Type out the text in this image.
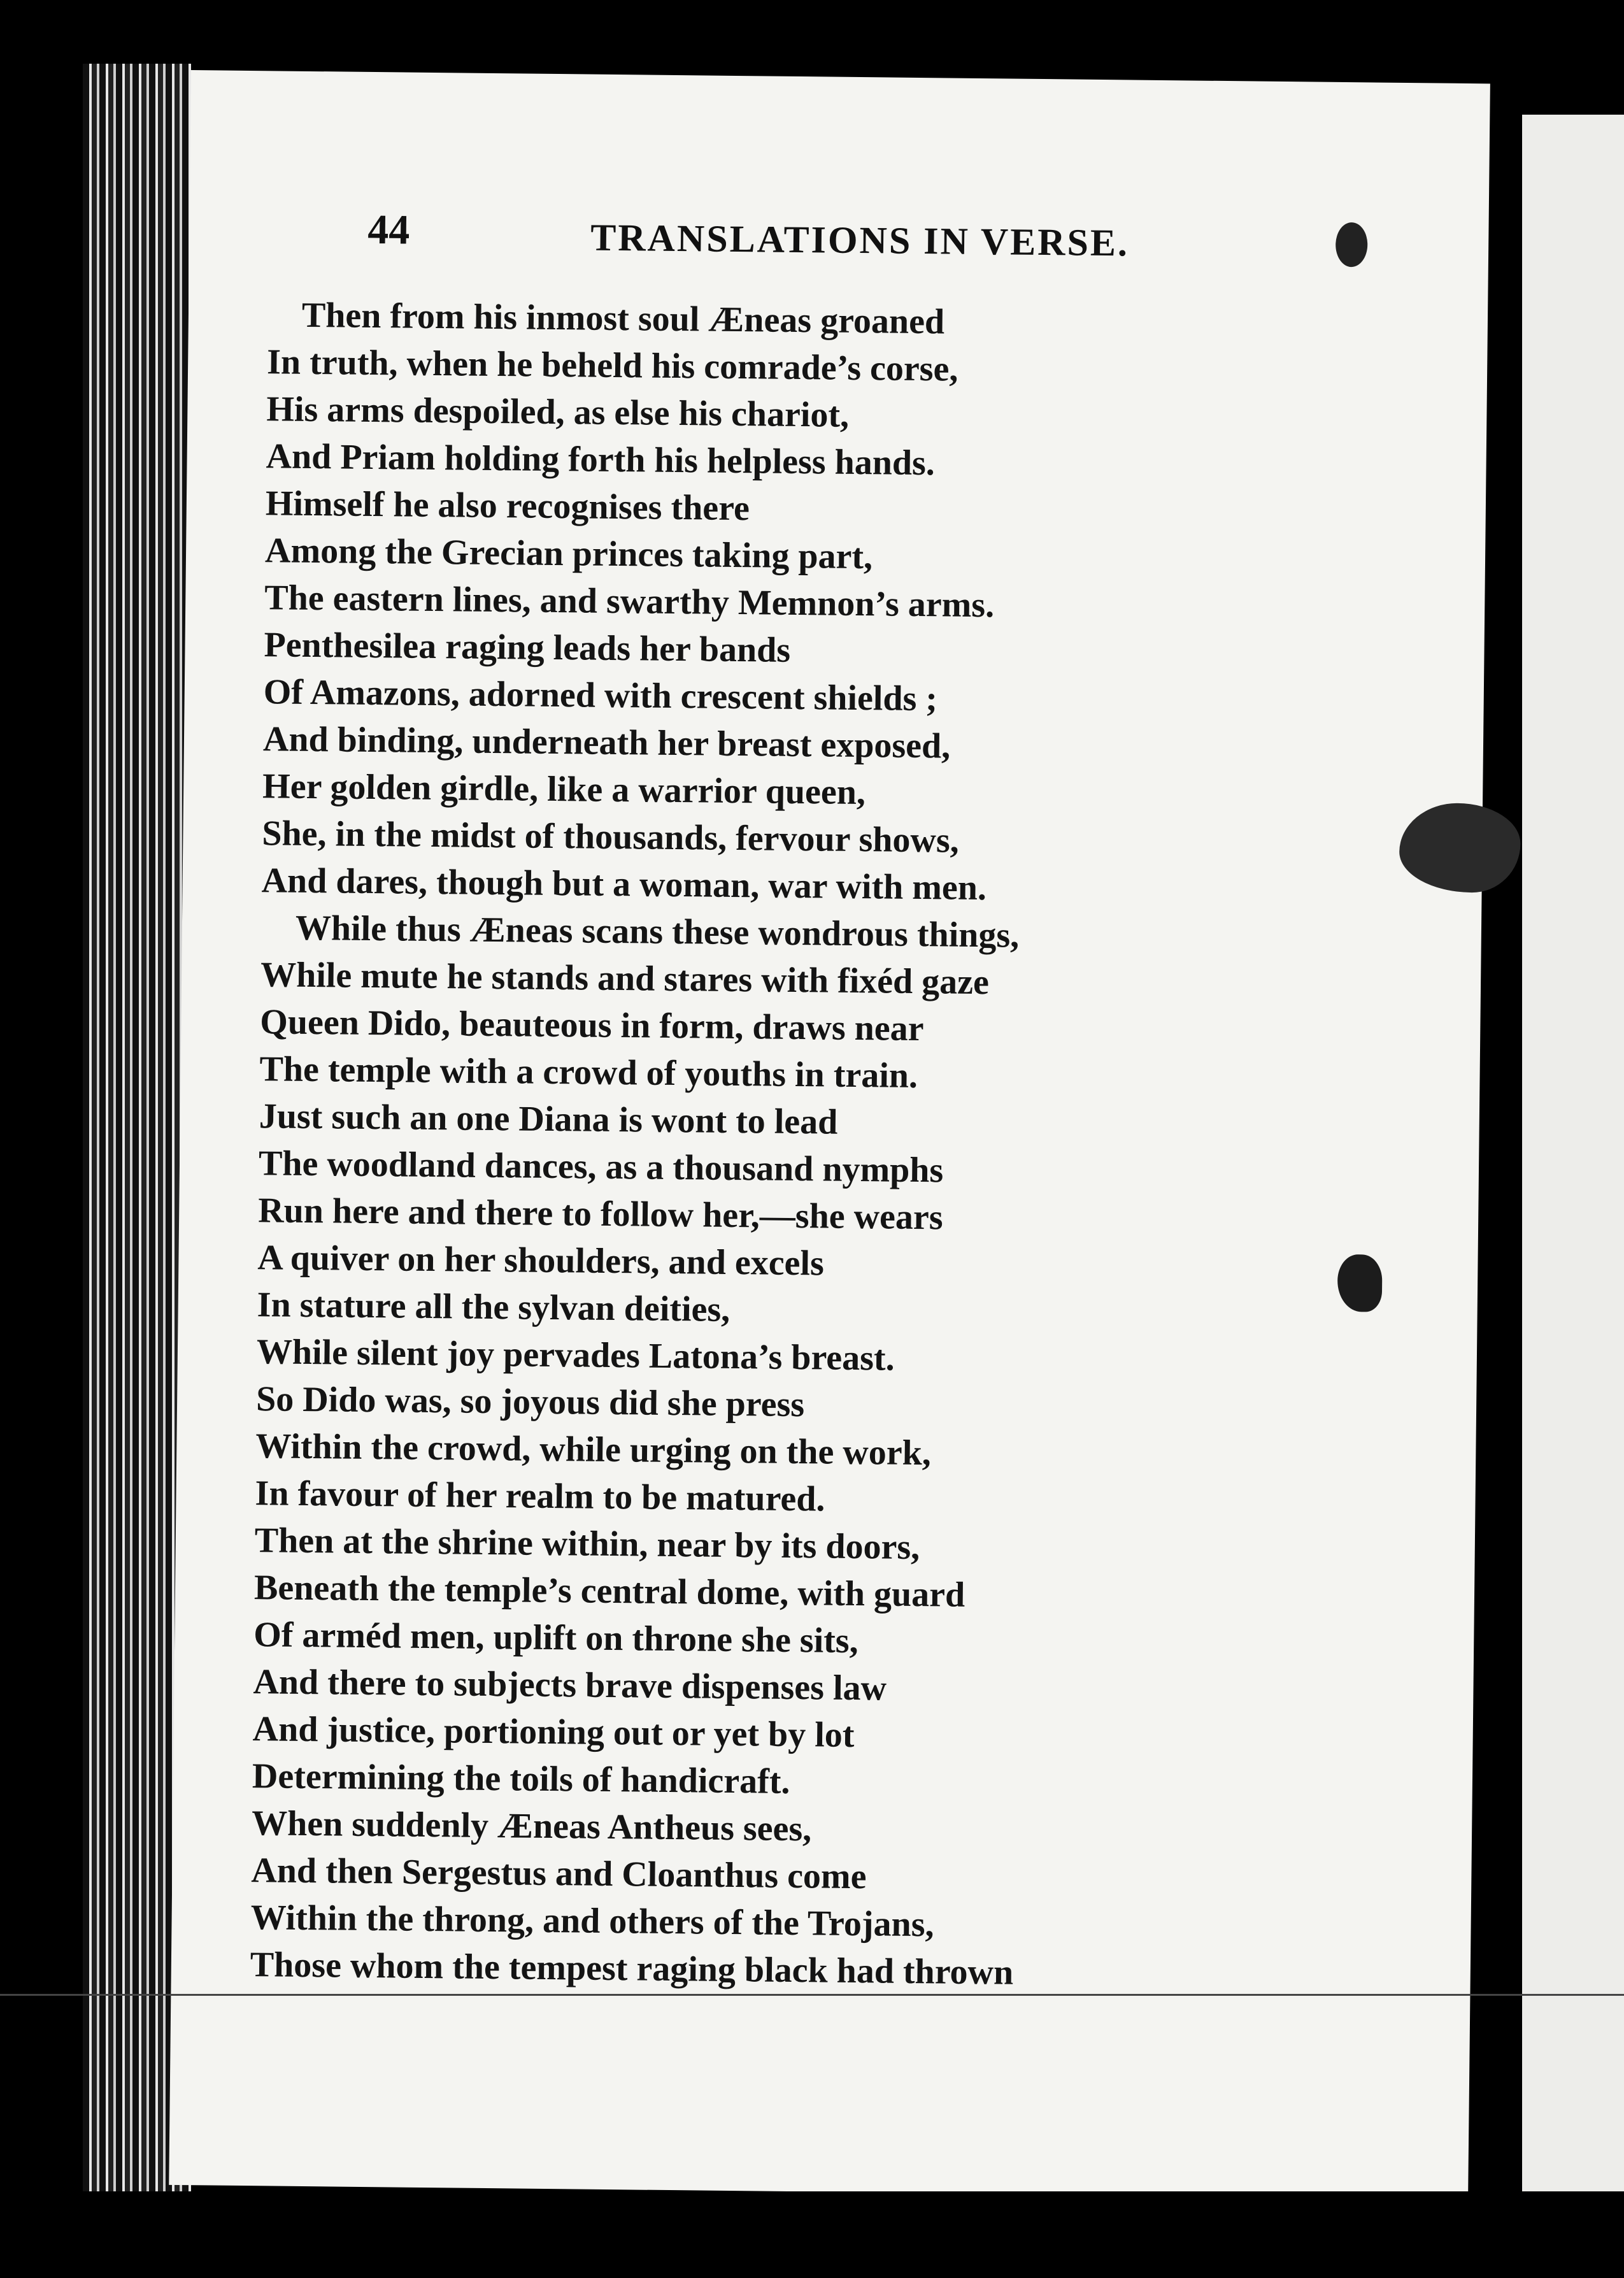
44	TRANSLATIONS IN VERSE.
Then from his inmost soul Æneas groaned
In truth, when he beheld his comrade’s corse,
His arms despoiled, as else his chariot,
And Priam holding forth his helpless hands.
Himself he also recognises there
Among the Grecian princes taking part,
The eastern lines, and swarthy Memnon’s arms.
Penthesilea raging leads her bands
Of Amazons, adorned with crescent shields ;
And binding, underneath her breast exposed,
Her golden girdle, like a warrior queen,
She, in the midst of thousands, fervour shows,
And dares, though but a woman, war with men.
While thus Æneas scans these wondrous things,
While mute he stands and stares with fixéd gaze
Queen Dido, beauteous in form, draws near
The temple with a crowd of youths in train.
Just such an one Diana is wont to lead
The woodland dances, as a thousand nymphs
Run here and there to follow her,—she wears
A quiver on her shoulders, and excels
In stature all the sylvan deities,
While silent joy pervades Latona’s breast.
So Dido was, so joyous did she press
Within the crowd, while urging on the work,
In favour of her realm to be matured.
Then at the shrine within, near by its doors,
Beneath the temple’s central dome, with guard
Of arméd men, uplift on throne she sits,
And there to subjects brave dispenses law
And justice, portioning out or yet by lot
Determining the toils of handicraft.
When suddenly Æneas Antheus sees,
And then Sergestus and Cloanthus come
Within the throng, and others of the Trojans,
Those whom the tempest raging black had thrown
